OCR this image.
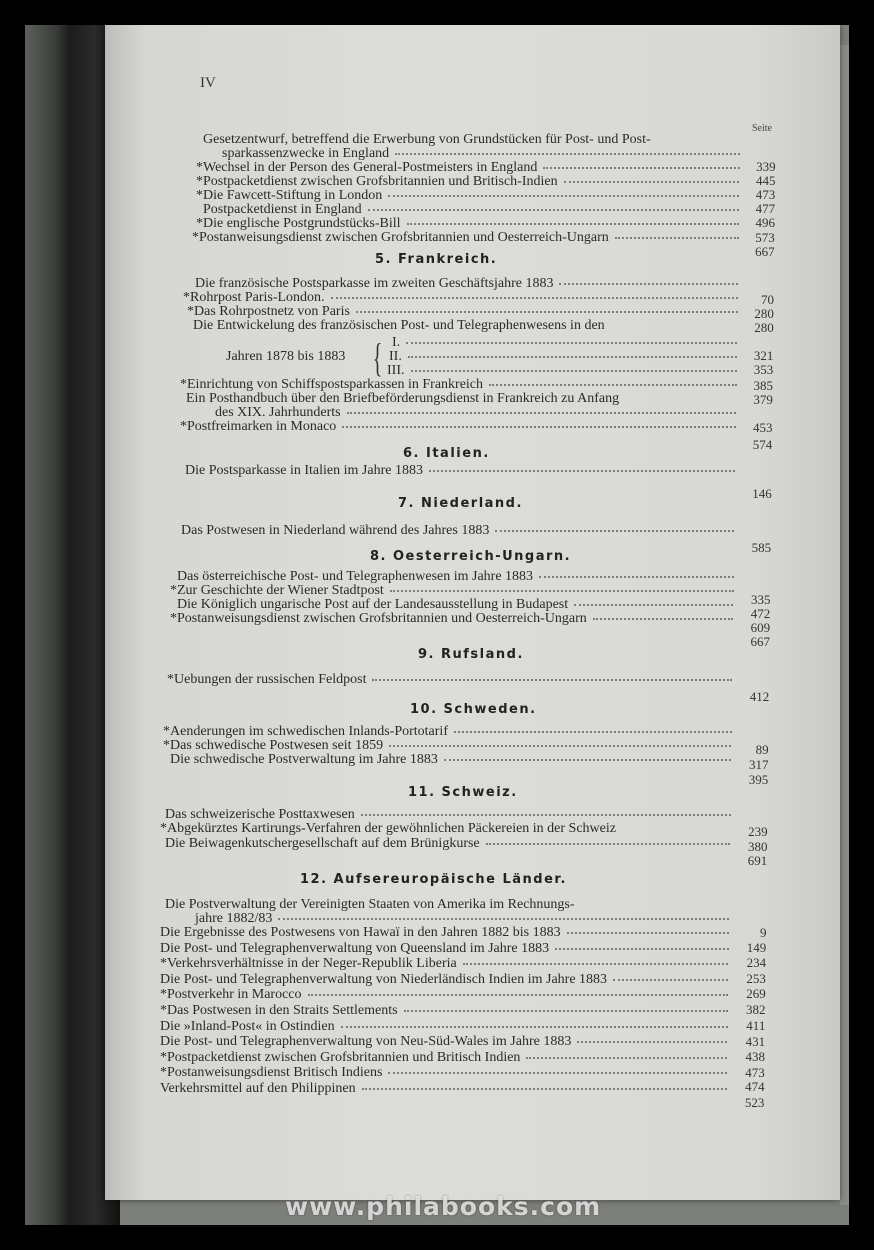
IV
Seite
Jahren 1878 bis 1883 {
Gesetzentwurf, betreffend die Erwerbung von Grundstücken für Post- und Post-
sparkassenzwecke in England
*Wechsel in der Person des General-Postmeisters in England
*Postpacketdienst zwischen Grofsbritannien und Britisch-Indien
*Die Fawcett-Stiftung in London
Postpacketdienst in England
*Die englische Postgrundstücks-Bill
*Postanweisungsdienst zwischen Grofsbritannien und Oesterreich-Ungarn
Die französische Postsparkasse im zweiten Geschäftsjahre 1883
*Rohrpost Paris-London.
*Das Rohrpostnetz von Paris
Die Entwickelung des französischen Post- und Telegraphenwesens in den
I.
II.
III.
*Einrichtung von Schiffspostsparkassen in Frankreich
Ein Posthandbuch über den Briefbeförderungsdienst in Frankreich zu Anfang
des XIX. Jahrhunderts
*Postfreimarken in Monaco
Die Postsparkasse in Italien im Jahre 1883
Das Postwesen in Niederland während des Jahres 1883
Das österreichische Post- und Telegraphenwesen im Jahre 1883
*Zur Geschichte der Wiener Stadtpost
Die Königlich ungarische Post auf der Landesausstellung in Budapest
*Postanweisungsdienst zwischen Grofsbritannien und Oesterreich-Ungarn
*Uebungen der russischen Feldpost
*Aenderungen im schwedischen Inlands-Portotarif
*Das schwedische Postwesen seit 1859
Die schwedische Postverwaltung im Jahre 1883
Das schweizerische Posttaxwesen
*Abgekürztes Kartirungs-Verfahren der gewöhnlichen Päckereien in der Schweiz
Die Beiwagenkutschergesellschaft auf dem Brünigkurse
Die Postverwaltung der Vereinigten Staaten von Amerika im Rechnungs-
jahre 1882/83
Die Ergebnisse des Postwesens von Hawaï in den Jahren 1882 bis 1883
Die Post- und Telegraphenverwaltung von Queensland im Jahre 1883
*Verkehrsverhältnisse in der Neger-Republik Liberia
Die Post- und Telegraphenverwaltung von Niederländisch Indien im Jahre 1883
*Postverkehr in Marocco
*Das Postwesen in den Straits Settlements
Die »Inland-Post« in Ostindien
Die Post- und Telegraphenverwaltung von Neu-Süd-Wales im Jahre 1883
*Postpacketdienst zwischen Grofsbritannien und Britisch Indien
*Postanweisungsdienst Britisch Indiens
Verkehrsmittel auf den Philippinen
5. Frankreich.
6. Italien.
7. Niederland.
8. Oesterreich-Ungarn.
9. Rufsland.
10. Schweden.
11. Schweiz.
12. Aufsereuropäische Länder.
339
445
473
477
496
573
667
70
280
280
321
353
385
379
453
574
146
585
335
472
609
667
412
89
317
395
239
380
691
9
149
234
253
269
382
411
431
438
473
474
523
www.philabooks.com
